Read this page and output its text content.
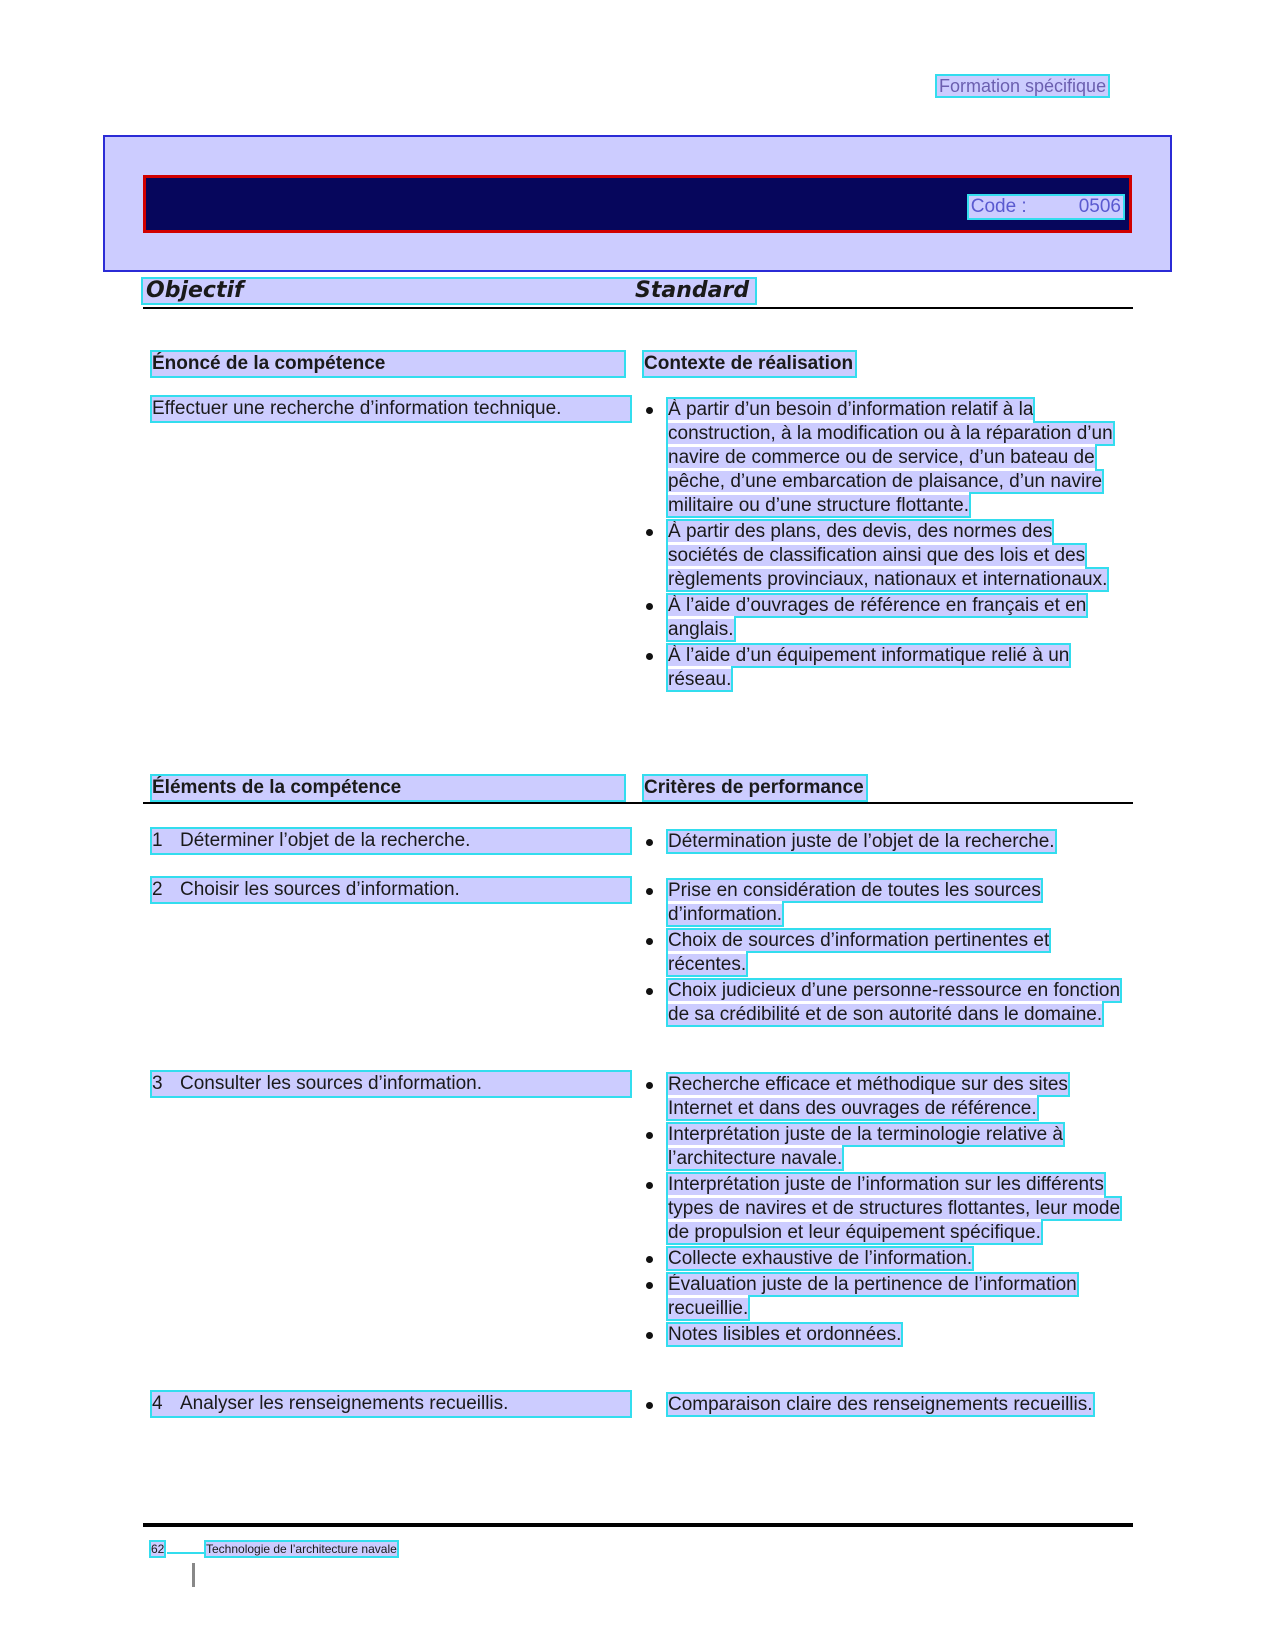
Formation spécifique
Code :	0506
Objectif	Standard

Énoncé de la compétence	Contexte de réalisation
Effectuer une recherche d’information technique.	À partir d’un besoin d’information relatif à la construction, à la modification ou à la réparation d’un navire de commerce ou de service, d’un bateau de pêche, d’une embarcation de plaisance, d’un navire militaire ou d’une structure flottante.
À partir des plans, des devis, des normes des sociétés de classification ainsi que des lois et des règlements provinciaux, nationaux et internationaux.
À l’aide d’ouvrages de référence en français et en anglais.
À l’aide d’un équipement informatique relié à un réseau.
Éléments de la compétence	Critères de performance
1 Déterminer l’objet de la recherche.	Détermination juste de l’objet de la recherche.
2 Choisir les sources d’information.	Prise en considération de toutes les sources d’information.
Choix de sources d’information pertinentes et récentes.
Choix judicieux d’une personne-ressource en fonction de sa crédibilité et de son autorité dans le domaine.
3 Consulter les sources d’information.	Recherche efficace et méthodique sur des sites Internet et dans des ouvrages de référence.
Interprétation juste de la terminologie relative à l’architecture navale.
Interprétation juste de l’information sur les différents types de navires et de structures flottantes, leur mode de propulsion et leur équipement spécifique.
Collecte exhaustive de l’information.
Évaluation juste de la pertinence de l’information recueillie.
Notes lisibles et ordonnées.
4 Analyser les renseignements recueillis.	Comparaison claire des renseignements recueillis.
62	Technologie de l’architecture navale
